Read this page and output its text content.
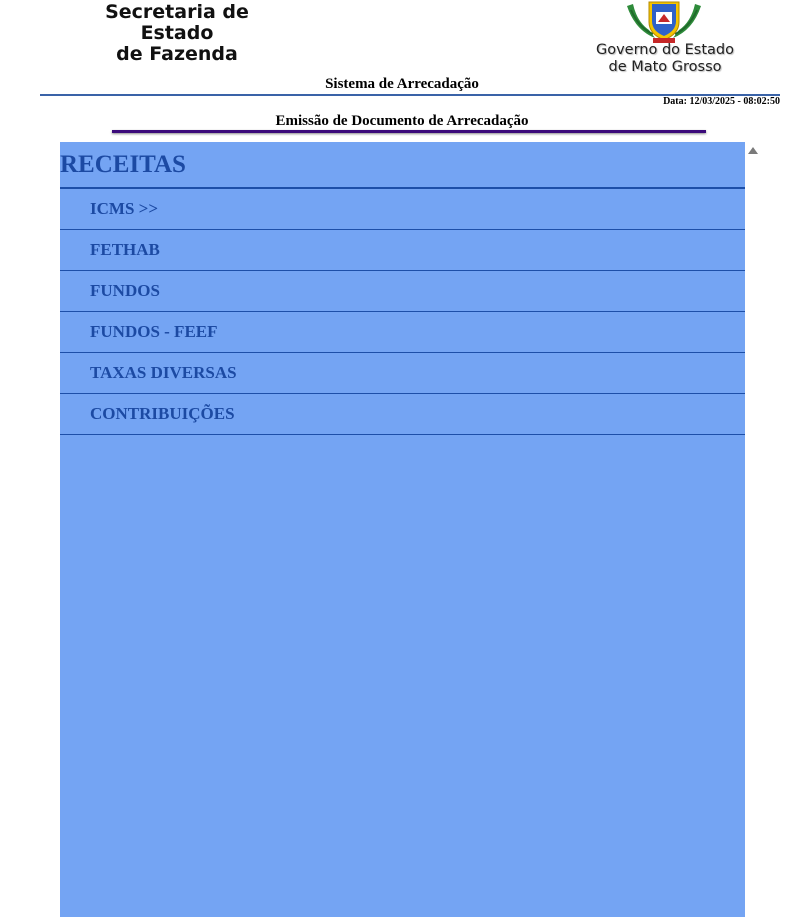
Secretaria de Estado
de Fazenda	Governo do Estado
de Mato Grosso
Sistema de Arrecadação
Data: 12/03/2025 - 08:02:50
Emissão de Documento de Arrecadação
RECEITAS
ICMS >>
FETHAB
FUNDOS
FUNDOS - FEEF
TAXAS DIVERSAS
CONTRIBUIÇÕES
